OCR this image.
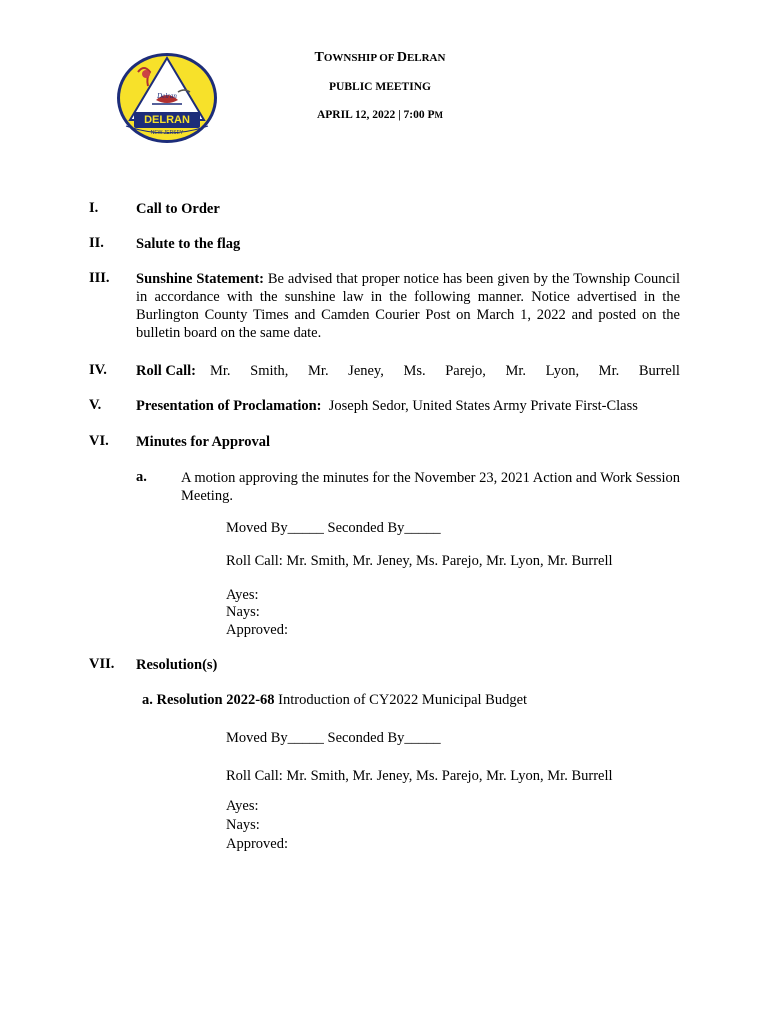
DELRAN
Delran
NEW JERSEY
TOWNSHIP OF DELRAN
PUBLIC MEETING
APRIL 12, 2022 | 7:00 PM
I.	Call to Order
II. Salute to the flag
III. Sunshine Statement: Be advised that proper notice has been given by the Township Council in accordance with the sunshine law in the following manner. Notice advertised in the Burlington County Times and Camden Courier Post on March 1, 2022 and posted on the bulletin board on the same date.
IV. Roll Call: Mr. Smith, Mr. Jeney, Ms. Parejo, Mr. Lyon, Mr. Burrell
V. Presentation of Proclamation: Joseph Sedor, United States Army Private First-Class
VI. Minutes for Approval
a. A motion approving the minutes for the November 23, 2021 Action and Work Session Meeting.
Moved By_____ Seconded By_____
Roll Call: Mr. Smith, Mr. Jeney, Ms. Parejo, Mr. Lyon, Mr. Burrell
Ayes:
Nays:
Approved:
VII. Resolution(s)
a. Resolution 2022-68 Introduction of CY2022 Municipal Budget
Moved By_____ Seconded By_____
Roll Call: Mr. Smith, Mr. Jeney, Ms. Parejo, Mr. Lyon, Mr. Burrell
Ayes:
Nays:
Approved:
